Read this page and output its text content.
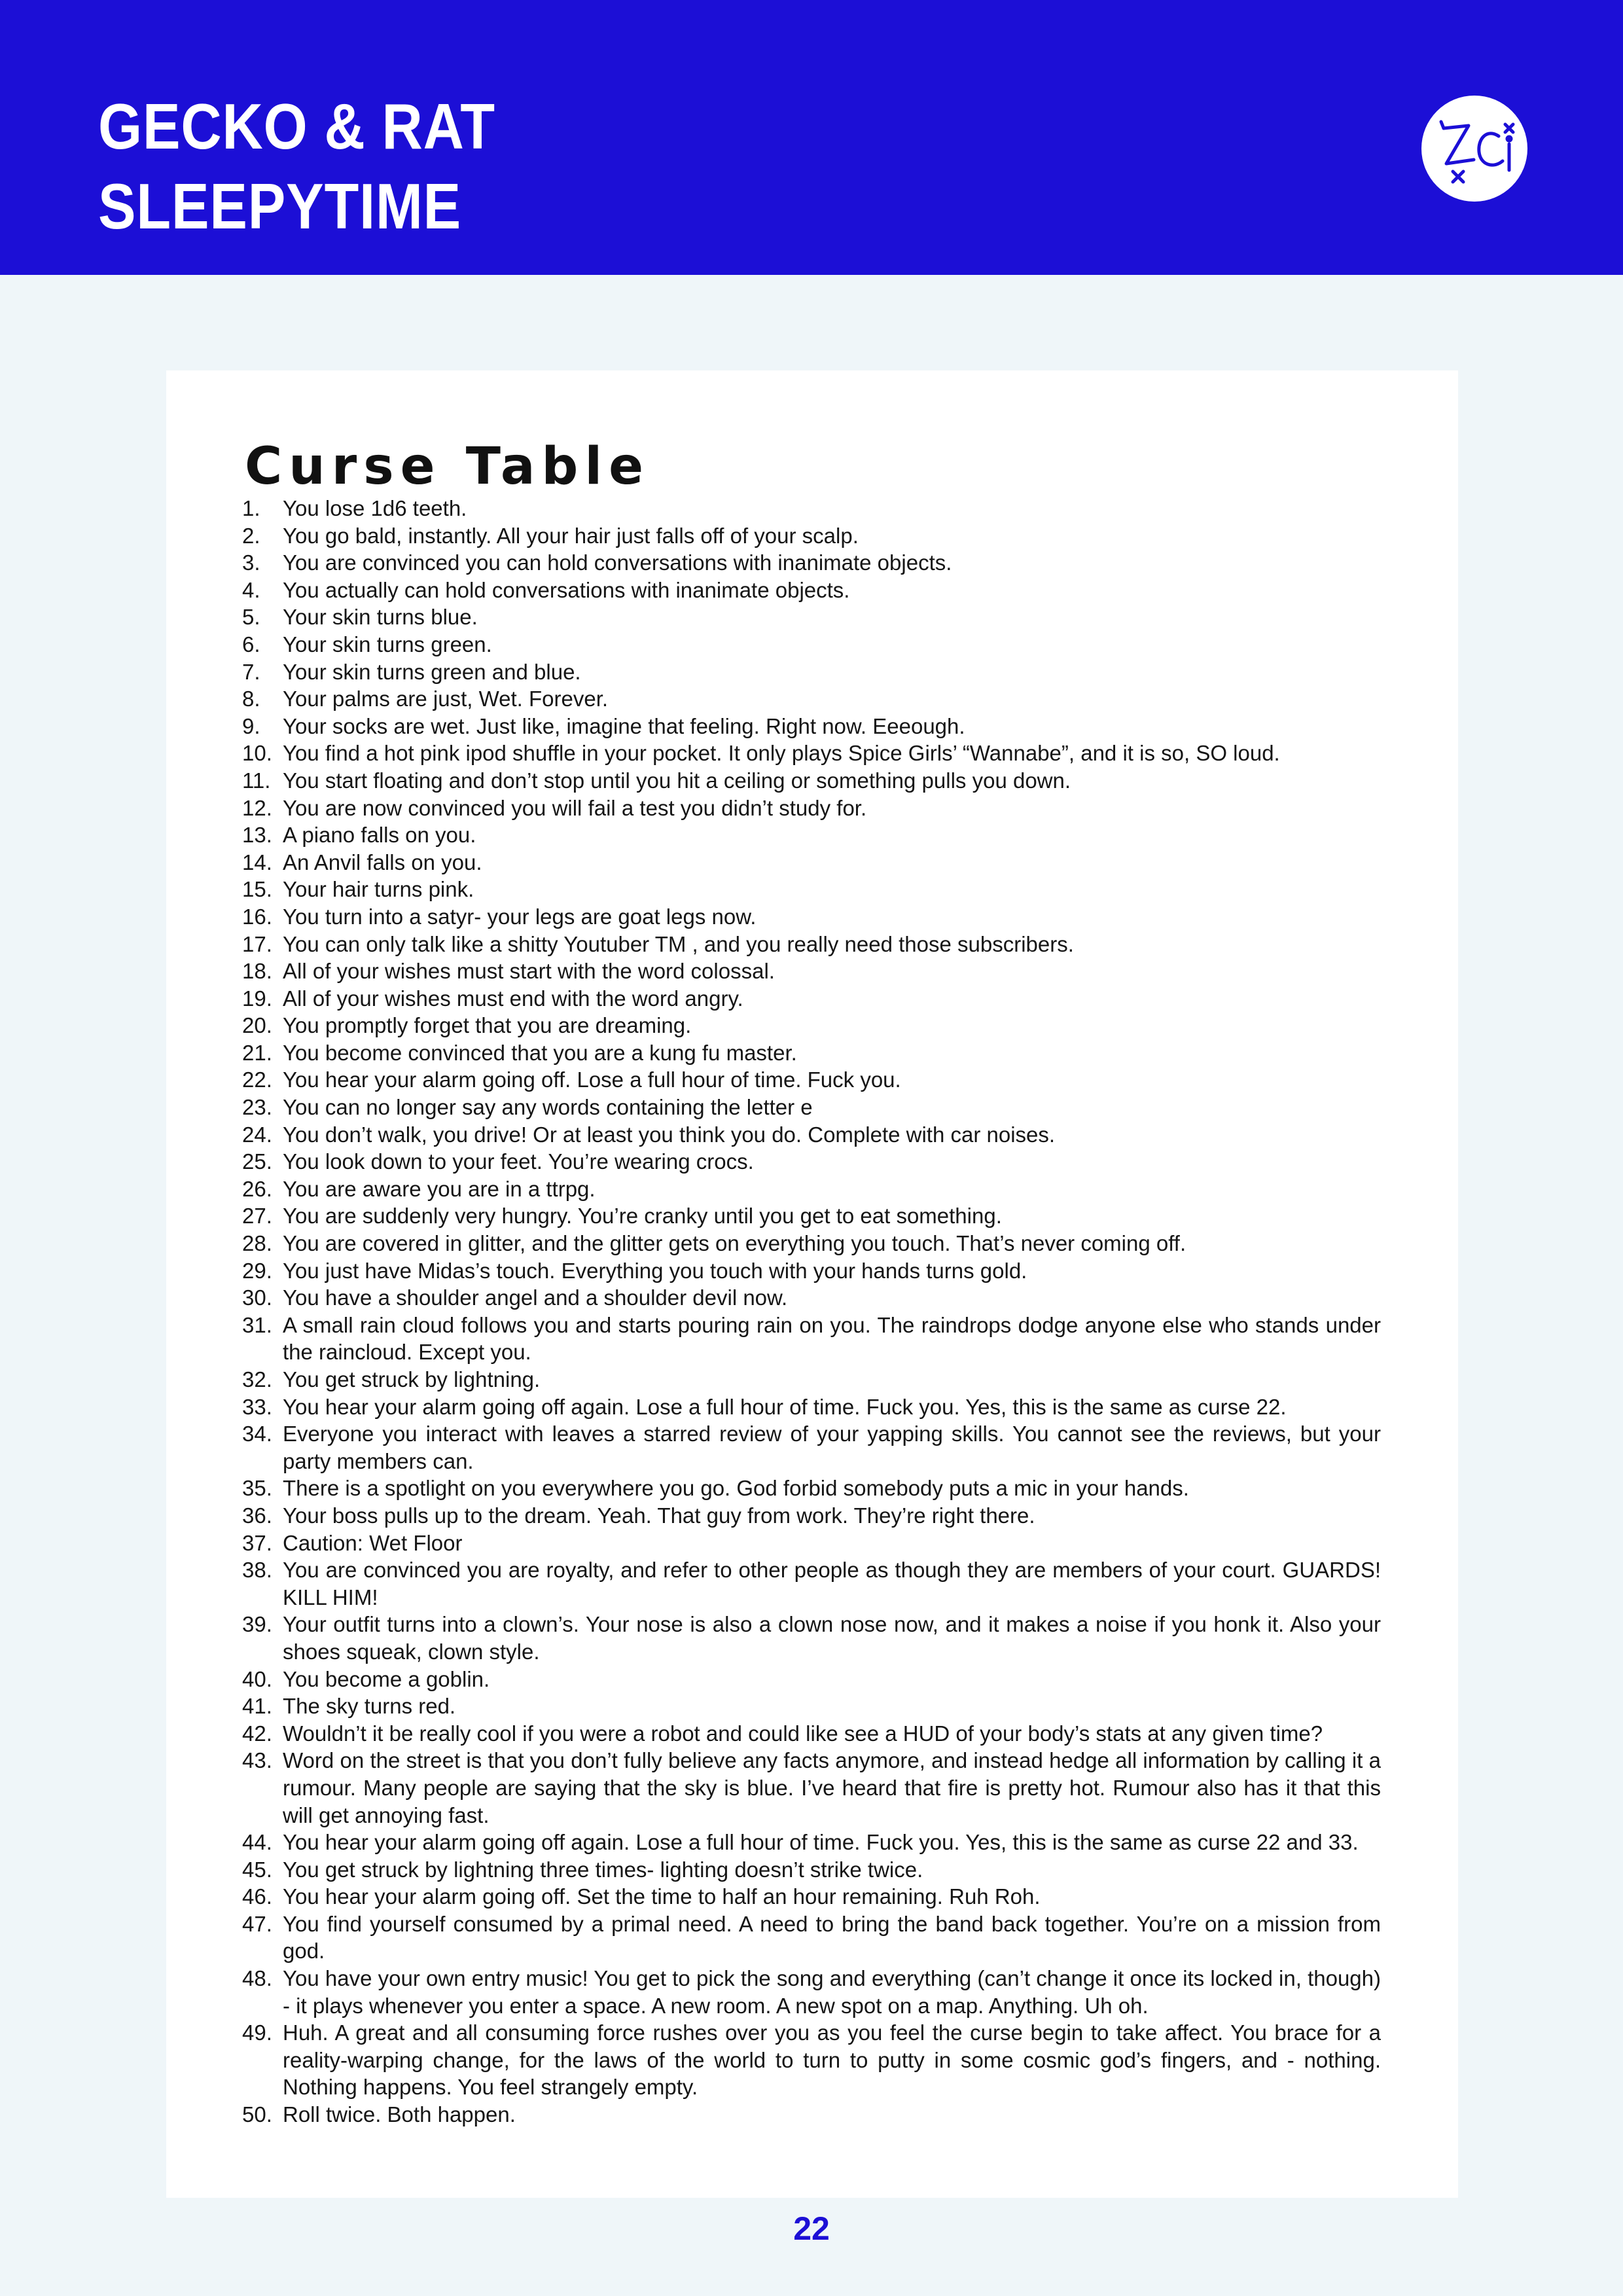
GECKO & RAT
SLEEPYTIME
Curse Table
1.	You lose 1d6 teeth.
2.	You go bald, instantly. All your hair just falls off of your scalp.
3.	You are convinced you can hold conversations with inanimate objects.
4.	You actually can hold conversations with inanimate objects.
5.	Your skin turns blue.
6.	Your skin turns green.
7.	Your skin turns green and blue.
8.	Your palms are just, Wet. Forever.
9.	Your socks are wet. Just like, imagine that feeling. Right now. Eeeough.
10. You find a hot pink ipod shuffle in your pocket. It only plays Spice Girls’ “Wannabe”, and it is so, SO loud.
11. You start floating and don’t stop until you hit a ceiling or something pulls you down.
12. You are now convinced you will fail a test you didn’t study for.
13. A piano falls on you.
14. An Anvil falls on you.
15. Your hair turns pink.
16. You turn into a satyr- your legs are goat legs now.
17. You can only talk like a shitty Youtuber TM , and you really need those subscribers.
18. All of your wishes must start with the word colossal.
19. All of your wishes must end with the word angry.
20. You promptly forget that you are dreaming.
21. You become convinced that you are a kung fu master.
22. You hear your alarm going off. Lose a full hour of time. Fuck you.
23. You can no longer say any words containing the letter e
24. You don’t walk, you drive! Or at least you think you do. Complete with car noises.
25. You look down to your feet. You’re wearing crocs.
26. You are aware you are in a ttrpg.
27. You are suddenly very hungry. You’re cranky until you get to eat something.
28. You are covered in glitter, and the glitter gets on everything you touch. That’s never coming off.
29. You just have Midas’s touch. Everything you touch with your hands turns gold.
30. You have a shoulder angel and a shoulder devil now.
31. A small rain cloud follows you and starts pouring rain on you. The raindrops dodge anyone else who stands under the raincloud. Except you.
32. You get struck by lightning.
33. You hear your alarm going off again. Lose a full hour of time. Fuck you. Yes, this is the same as curse 22.
34. Everyone you interact with leaves a starred review of your yapping skills. You cannot see the reviews, but your party members can.
35. There is a spotlight on you everywhere you go. God forbid somebody puts a mic in your hands.
36. Your boss pulls up to the dream. Yeah. That guy from work. They’re right there.
37. Caution: Wet Floor
38. You are convinced you are royalty, and refer to other people as though they are members of your court. GUARDS! KILL HIM!
39. Your outfit turns into a clown’s. Your nose is also a clown nose now, and it makes a noise if you honk it. Also your shoes squeak, clown style.
40. You become a goblin.
41. The sky turns red.
42. Wouldn’t it be really cool if you were a robot and could like see a HUD of your body’s stats at any given time?
43. Word on the street is that you don’t fully believe any facts anymore, and instead hedge all information by calling it a rumour. Many people are saying that the sky is blue. I’ve heard that fire is pretty hot. Rumour also has it that this will get annoying fast.
44. You hear your alarm going off again. Lose a full hour of time. Fuck you. Yes, this is the same as curse 22 and 33.
45. You get struck by lightning three times- lighting doesn’t strike twice.
46. You hear your alarm going off. Set the time to half an hour remaining. Ruh Roh.
47. You find yourself consumed by a primal need. A need to bring the band back together. You’re on a mission from god.
48. You have your own entry music! You get to pick the song and everything (can’t change it once its locked in, though) - it plays whenever you enter a space. A new room. A new spot on a map. Anything. Uh oh.
49. Huh. A great and all consuming force rushes over you as you feel the curse begin to take affect. You brace for a reality-warping change, for the laws of the world to turn to putty in some cosmic god’s fingers, and - nothing. Nothing happens. You feel strangely empty.
50. Roll twice. Both happen.
22
